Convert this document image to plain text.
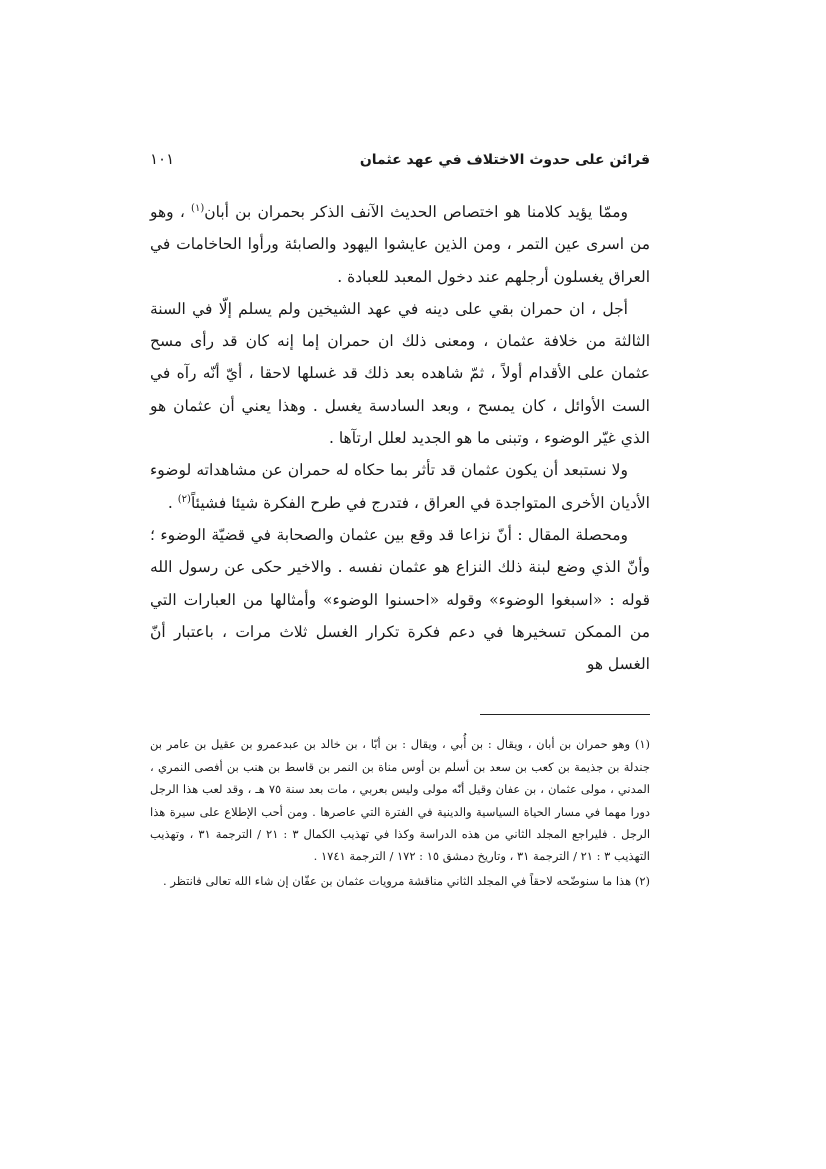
قرائن على حدوث الاختلاف في عهد عثمان
١٠١

وممّا يؤيد كلامنا هو اختصاص الحديث الآنف الذكر بحمران بن أبان$^{(١)}$ ، وهو من اسرى عين التمر ، ومن الذين عايشوا اليهود والصابئة ورأوا الحاخامات في العراق يغسلون أرجلهم عند دخول المعبد للعبادة .

أجل ، ان حمران بقي على دينه في عهد الشيخين ولم يسلم إلّا في السنة الثالثة من خلافة عثمان ، ومعنى ذلك ان حمران إما إنه كان قد رأى مسح عثمان على الأقدام أولاً ، ثمّ شاهده بعد ذلك قد غسلها لاحقا ، أيّ أنّه رآه في الست الأوائل ، كان يمسح ، وبعد السادسة يغسل . وهذا يعني أن عثمان هو الذي غيّر الوضوء ، وتبنى ما هو الجديد لعلل ارتآها .

ولا نستبعد أن يكون عثمان قد تأثر بما حكاه له حمران عن مشاهداته لوضوء الأديان الأخرى المتواجدة في العراق ، فتدرج في طرح الفكرة شيئا فشيئاً$^{(٢)}$ .

ومحصلة المقال : أنّ نزاعا قد وقع بين عثمان والصحابة في قضيّة الوضوء ؛ وأنّ الذي وضع لبنة ذلك النزاع هو عثمان نفسه . والاخير حكى عن رسول الله قوله : «اسبغوا الوضوء» وقوله «احسنوا الوضوء» وأمثالها من العبارات التي من الممكن تسخيرها في دعم فكرة تكرار الغسل ثلاث مرات ، باعتبار أنّ الغسل هو

(١) وهو حمران بن أبان ، ويقال : بن أُبي ، ويقال : بن أبّا ، بن خالد بن عبدعمرو بن عقيل بن عامر بن جندلة بن جذيمة بن كعب بن سعد بن أسلم بن أوس مناة بن النمر بن قاسط بن هنب بن أفصى النمري ، المدني ، مولى عثمان ، بن عفان وقيل أنّه مولى وليس بعربي ، مات بعد سنة ٧٥ هـ ، وقد لعب هذا الرجل دورا مهما في مسار الحياة السياسية والدينية في الفترة التي عاصرها . ومن أحب الإطلاع على سيرة هذا الرجل . فليراجع المجلد الثاني من هذه الدراسة وكذا في تهذيب الكمال ٣ : ٢١ / الترجمة ٣١ ، وتهذيب التهذيب ٣ : ٢١ / الترجمة ٣١ ، وتاريخ دمشق ١٥ : ١٧٢ / الترجمة ١٧٤١ .

(٢) هذا ما سنوضّحه لاحقاً في المجلد الثاني مناقشة مرويات عثمان بن عفّان إن شاء الله تعالى فانتظر .
